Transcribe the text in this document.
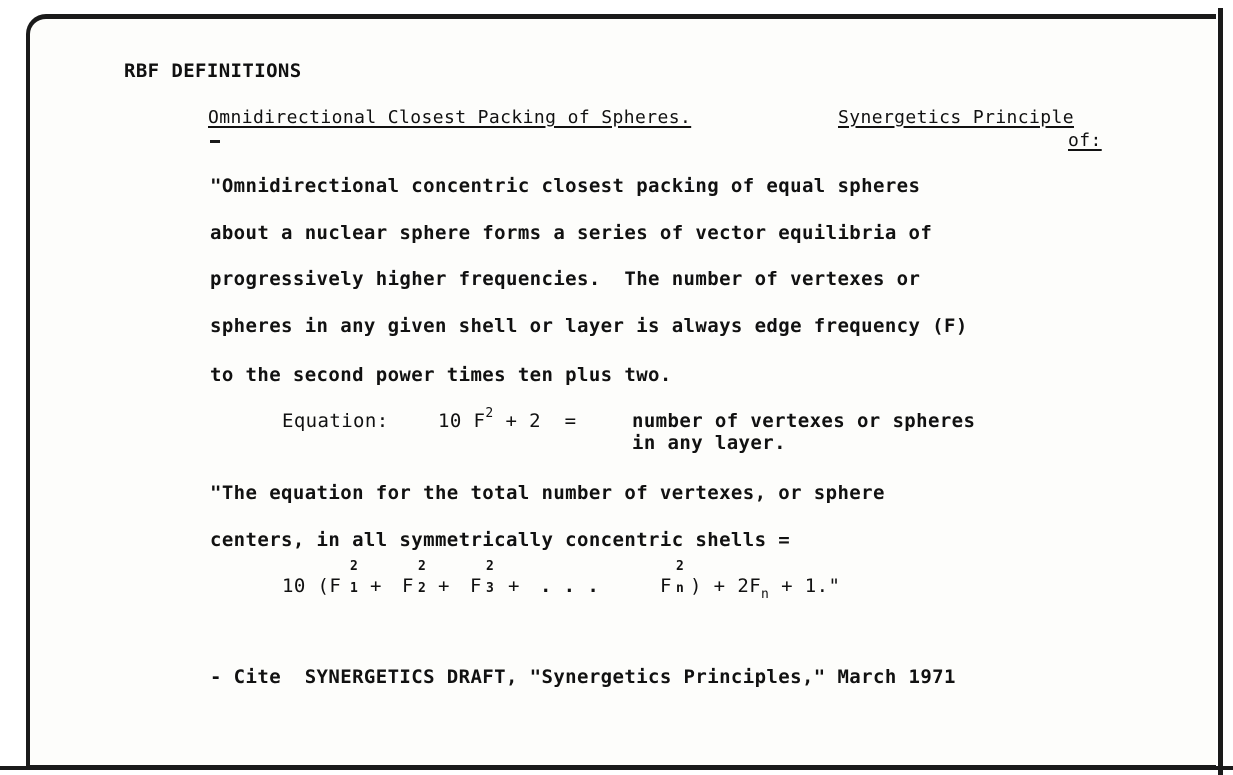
RBF DEFINITIONS
Omnidirectional Closest Packing of Spheres.	Synergetics Principle
of:
"Omnidirectional concentric closest packing of equal spheres
about a nuclear sphere forms a series of vector equilibria of
progressively higher frequencies.  The number of vertexes or
spheres in any given shell or layer is always edge frequency (F)
to the second power times ten plus two.
Equation:	10 $F^2 + 2$  =	number of vertexes or spheres
in any layer.
"The equation for the total number of vertexes, or sphere
centers, in all symmetrically concentric shells =
10 (F
2
1 + F
2
2 + F
2
3 + . . .	F
2
n ) + $2F_n + 1$."
- Cite  SYNERGETICS DRAFT, "Synergetics Principles," March 1971
